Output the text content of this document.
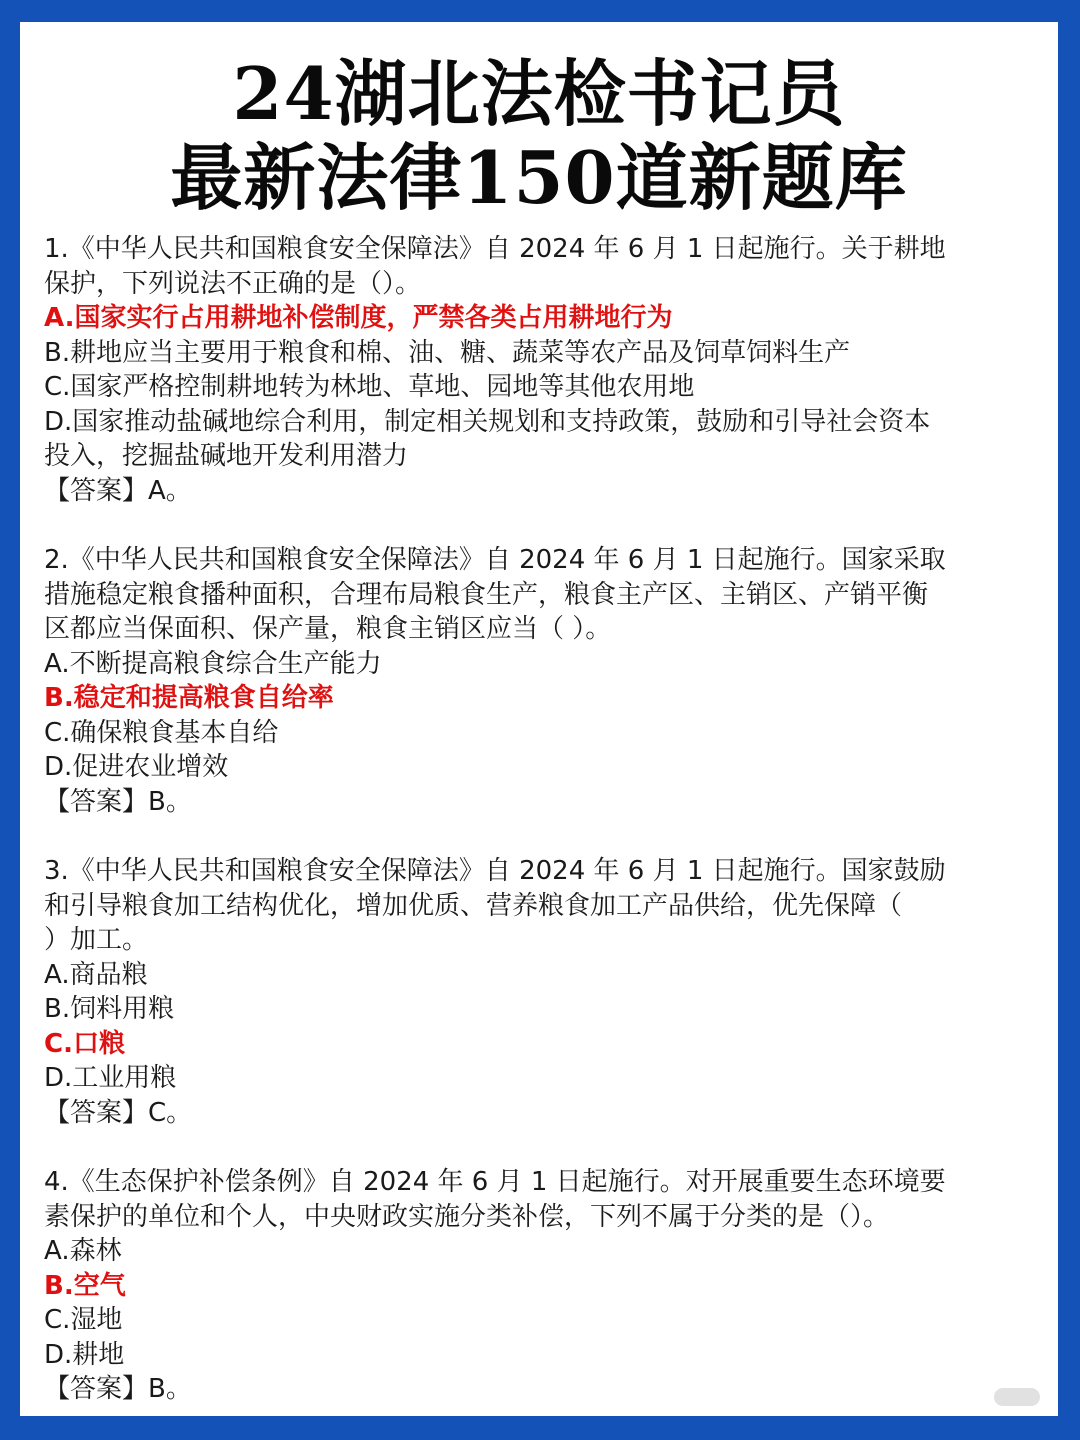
24湖北法检书记员
最新法律150道新题库
1.《中华人民共和国粮食安全保障法》自 2024 年 6 月 1 日起施行。关于耕地
保护，下列说法不正确的是（）。
A.国家实行占用耕地补偿制度，严禁各类占用耕地行为
B.耕地应当主要用于粮食和棉、油、糖、蔬菜等农产品及饲草饲料生产
C.国家严格控制耕地转为林地、草地、园地等其他农用地
D.国家推动盐碱地综合利用，制定相关规划和支持政策，鼓励和引导社会资本
投入，挖掘盐碱地开发利用潜力
【答案】A。
2.《中华人民共和国粮食安全保障法》自 2024 年 6 月 1 日起施行。国家采取
措施稳定粮食播种面积，合理布局粮食生产，粮食主产区、主销区、产销平衡
区都应当保面积、保产量，粮食主销区应当（ ）。
A.不断提高粮食综合生产能力
B.稳定和提高粮食自给率
C.确保粮食基本自给
D.促进农业增效
【答案】B。
3.《中华人民共和国粮食安全保障法》自 2024 年 6 月 1 日起施行。国家鼓励
和引导粮食加工结构优化，增加优质、营养粮食加工产品供给，优先保障（
）加工。
A.商品粮
B.饲料用粮
C.口粮
D.工业用粮
【答案】C。
4.《生态保护补偿条例》自 2024 年 6 月 1 日起施行。对开展重要生态环境要
素保护的单位和个人，中央财政实施分类补偿，下列不属于分类的是（）。
A.森林
B.空气
C.湿地
D.耕地
【答案】B。
